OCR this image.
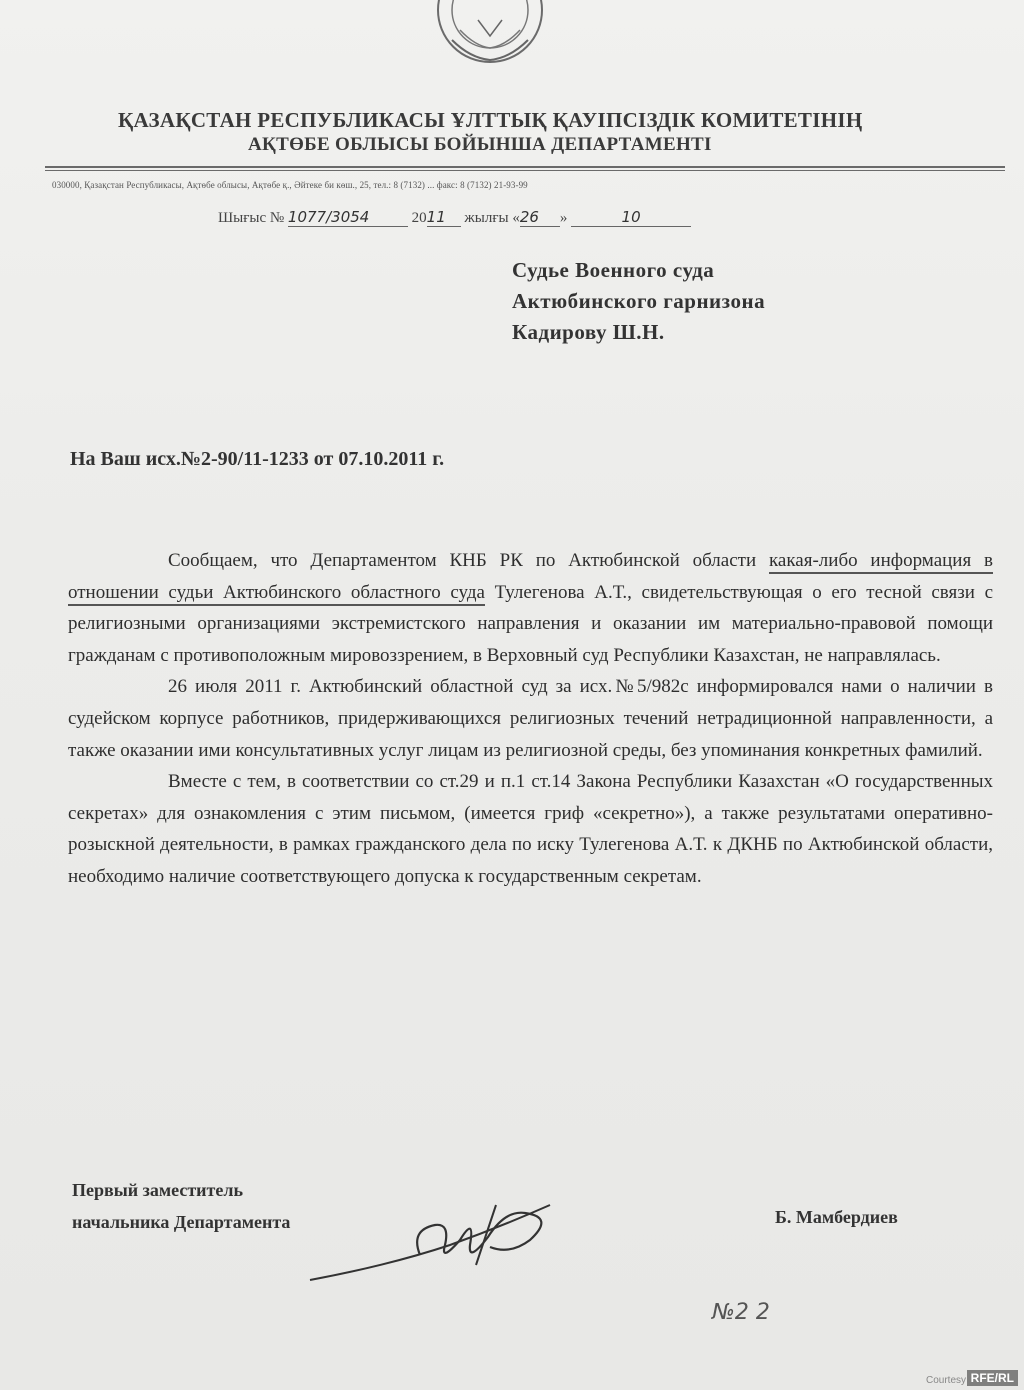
ҚАЗАҚСТАН РЕСПУБЛИКАСЫ ҰЛТТЫҚ ҚАУІПСІЗДІК КОМИТЕТІНІҢ
АҚТӨБЕ ОБЛЫСЫ БОЙЫНША ДЕПАРТАМЕНТІ
030000, Қазақстан Республикасы, Ақтөбе облысы, Ақтөбе қ., Әйтеке би көш., 25, тел.: 8 (7132) ... факс: 8 (7132) 21-93-99
Шығыс № 1077/3054	2011 жылғы «26 »	10
Судье Военного суда
Актюбинского гарнизона
Кадирову Ш.Н.
На Ваш исх.№2-90/11-1233 от 07.10.2011 г.

Сообщаем, что Департаментом КНБ РК по Актюбинской области какая-либо информация в отношении судьи Актюбинского областного суда Тулегенова А.Т., свидетельствующая о его тесной связи с религиозными организациями экстремистского направления и оказании им материально-правовой помощи гражданам с противоположным мировоззрением, в Верховный суд Республики Казахстан, не направлялась.

26 июля 2011 г. Актюбинский областной суд за исх.№5/982с информировался нами о наличии в судейском корпусе работников, придерживающихся религиозных течений нетрадиционной направленности, а также оказании ими консультативных услуг лицам из религиозной среды, без упоминания конкретных фамилий.

Вместе с тем, в соответствии со ст.29 и п.1 ст.14 Закона Республики Казахстан «О государственных секретах» для ознакомления с этим письмом, (имеется гриф «секретно»), а также результатами оперативно-розыскной деятельности, в рамках гражданского дела по иску Тулегенова А.Т. к ДКНБ по Актюбинской области, необходимо наличие соответствующего допуска к государственным секретам.

Первый заместитель
начальника Департамента	Б. Мамбердиев
№2 2
Courtesy RFE/RL
